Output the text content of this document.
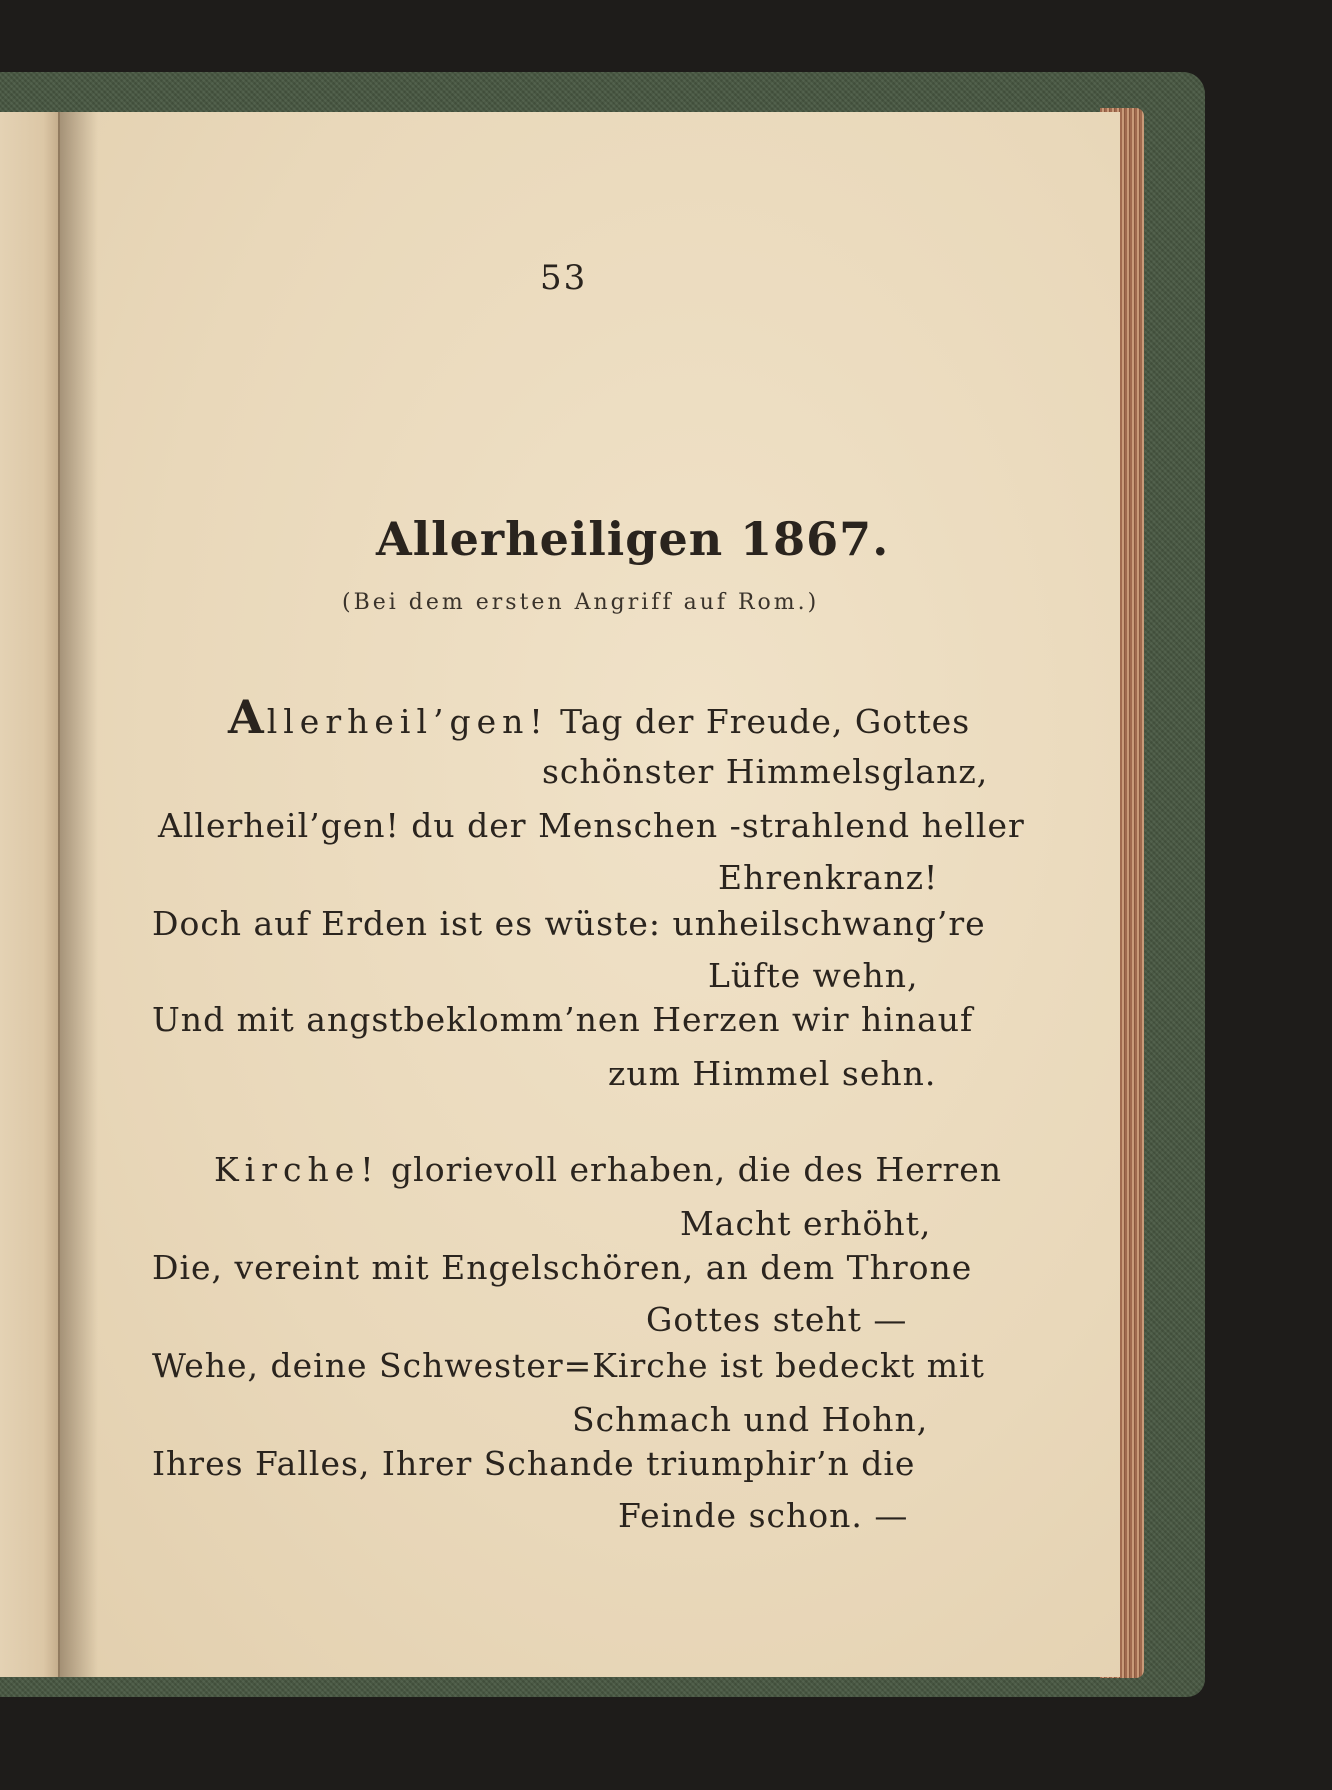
53
Allerheiligen 1867.
(Bei dem ersten Angriff auf Rom.)
Allerheil’gen! Tag der Freude, Gottes
schönster Himmelsglanz,
Allerheil’gen! du der Menschen -strahlend heller
Ehrenkranz!
Doch auf Erden ist es wüste: unheilschwang’re
Lüfte wehn,
Und mit angstbeklomm’nen Herzen wir hinauf
zum Himmel sehn.
Kirche! glorievoll erhaben, die des Herren
Macht erhöht,
Die, vereint mit Engelschören, an dem Throne
Gottes steht —
Wehe, deine Schwester=Kirche ist bedeckt mit
Schmach und Hohn,
Ihres Falles, Ihrer Schande triumphir’n die
Feinde schon. —
